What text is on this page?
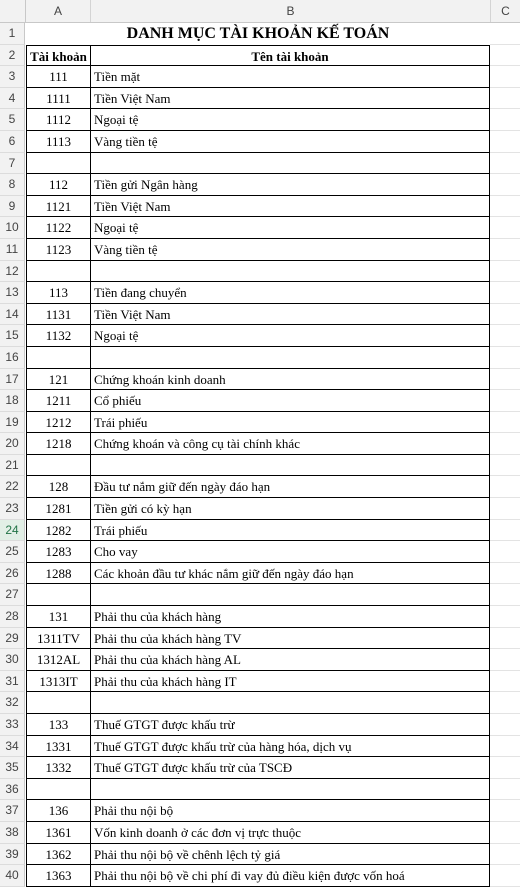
A	B	C
1	DANH MỤC TÀI KHOẢN KẾ TOÁN
2	Tài khoản	Tên tài khoản
3	111	Tiền mặt
4	1111	Tiền Việt Nam
5	1112	Ngoại tệ
6	1113	Vàng tiền tệ
7
8	112	Tiền gửi Ngân hàng
9	1121	Tiền Việt Nam
10	1122	Ngoại tệ
11	1123	Vàng tiền tệ
12
13	113	Tiền đang chuyển
14	1131	Tiền Việt Nam
15	1132	Ngoại tệ
16
17	121	Chứng khoán kinh doanh
18	1211	Cổ phiếu
19	1212	Trái phiếu
20	1218	Chứng khoán và công cụ tài chính khác
21
22	128	Đầu tư nắm giữ đến ngày đáo hạn
23	1281	Tiền gửi có kỳ hạn
24	1282	Trái phiếu
25	1283	Cho vay
26	1288	Các khoản đầu tư khác nắm giữ đến ngày đáo hạn
27
28	131	Phải thu của khách hàng
29	1311TV	Phải thu của khách hàng TV
30	1312AL	Phải thu của khách hàng AL
31	1313IT	Phải thu của khách hàng IT
32
33	133	Thuế GTGT được khấu trừ
34	1331	Thuế GTGT được khấu trừ của hàng hóa, dịch vụ
35	1332	Thuế GTGT được khấu trừ của TSCĐ
36
37	136	Phải thu nội bộ
38	1361	Vốn kinh doanh ở các đơn vị trực thuộc
39	1362	Phải thu nội bộ về chênh lệch tỷ giá
40	1363	Phải thu nội bộ về chi phí đi vay đủ điều kiện được vốn hoá
